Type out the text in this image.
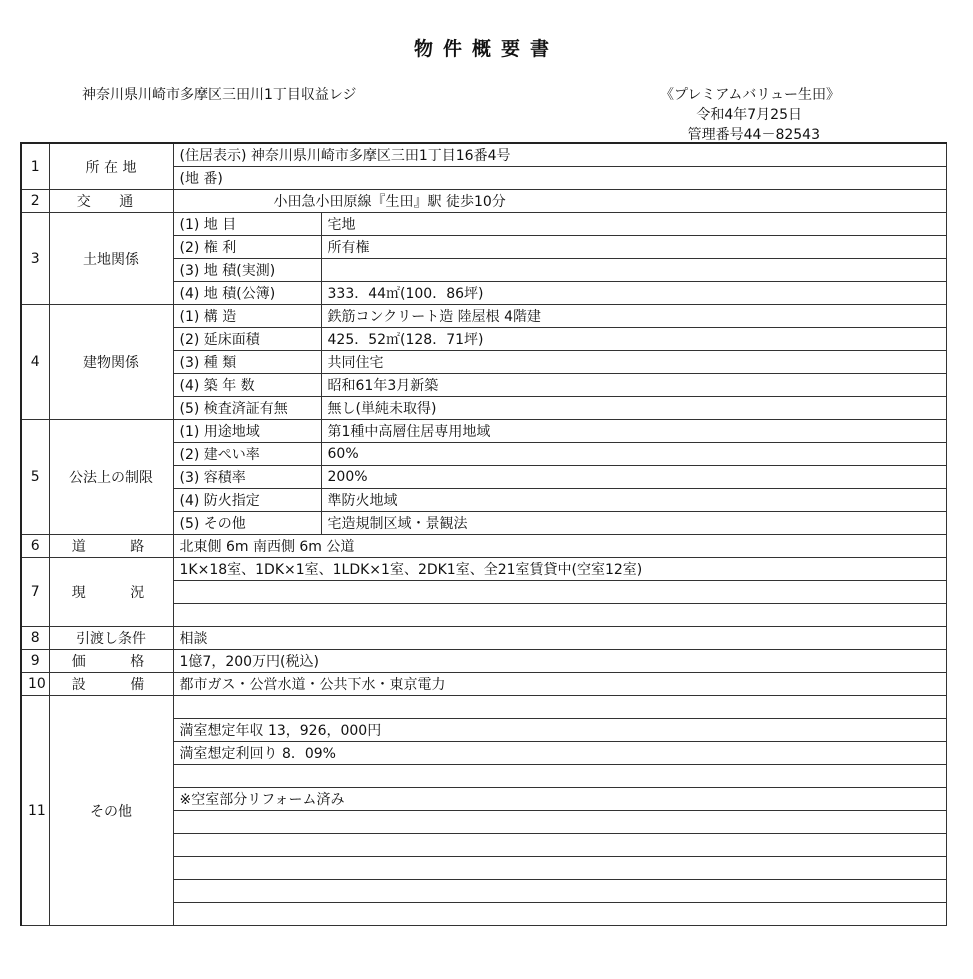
物件概要書
神奈川県川崎市多摩区三田川1丁目収益レジ	《プレミアムバリュー生田》
令和4年7月25日
管理番号44－82543
1	所 在 地	(住居表示) 神奈川県川崎市多摩区三田1丁目16番4号	
		(地 番)	
2	交 通	小田急小田原線『生田』駅 徒歩10分	
3	土地関係	(1) 地 目	宅地
		(2) 権 利	所有権
		(3) 地 積(実測)	
		(4) 地 積(公簿)	333．44㎡(100．86坪)
4	建物関係	(1) 構 造	鉄筋コンクリート造 陸屋根 4階建
		(2) 延床面積	425．52㎡(128．71坪)
		(3) 種 類	共同住宅
		(4) 築 年 数	昭和61年3月新築
		(5) 検査済証有無	無し(単純未取得)
5	公法上の制限	(1) 用途地域	第1種中高層住居専用地域
		(2) 建ぺい率	60%
		(3) 容積率	200%
		(4) 防火指定	準防火地域
		(5) その他	宅造規制区域・景観法
6	道 路	北東側 6m 南西側 6m 公道	
7	現 況	1K×18室、1DK×1室、1LDK×1室、2DK1室、全21室賃貸中(空室12室)	

8	引渡し条件	相談	
9	価 格	1億7，200万円(税込)	
10	設 備	都市ガス・公営水道・公共下水・東京電力	
11	その他		
		満室想定年収 13，926，000円	
		満室想定利回り 8．09%	

		※空室部分リフォーム済み	
